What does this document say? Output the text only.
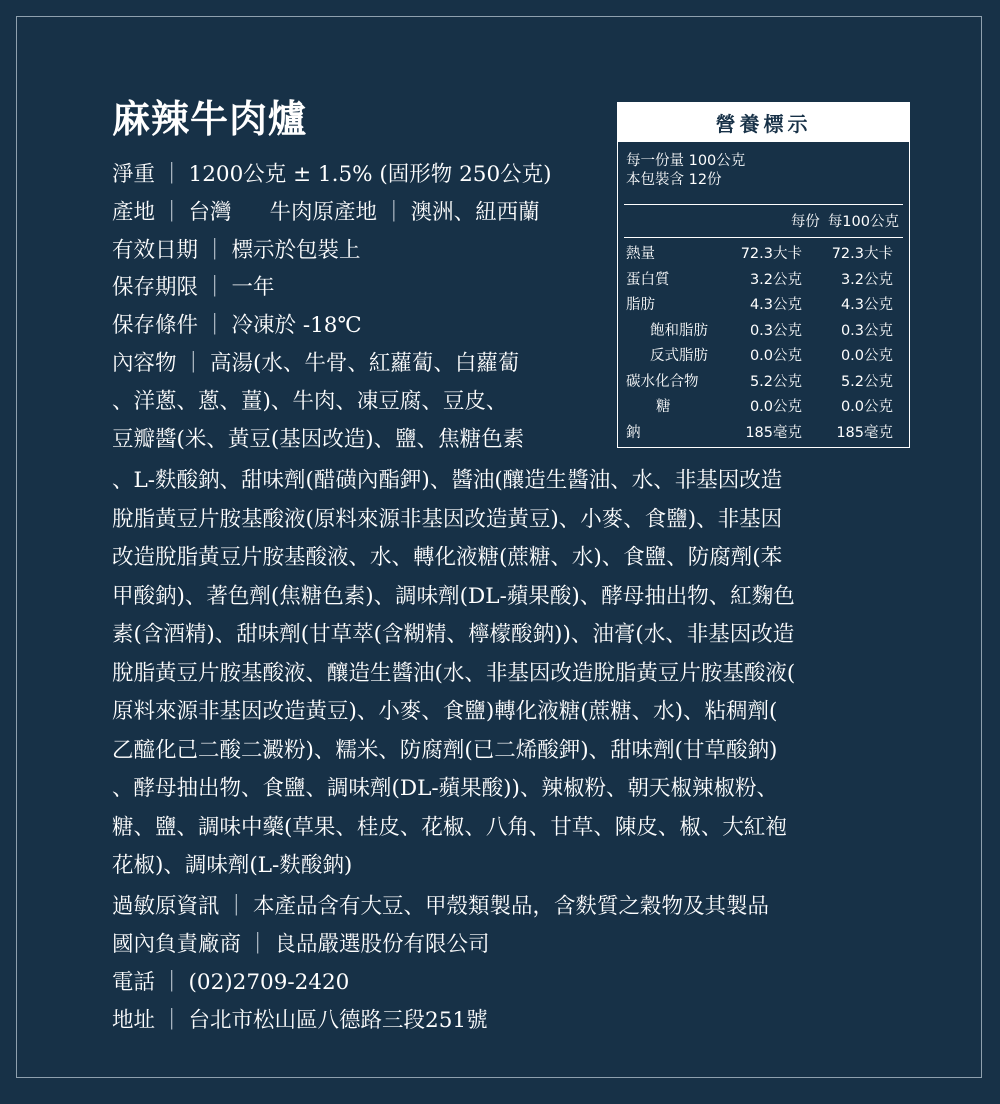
麻辣牛肉爐
淨重 ｜ 1200公克 ± 1.5% (固形物 250公克)
產地 ｜ 台灣 牛肉原產地 ｜ 澳洲、紐西蘭
有效日期 ｜ 標示於包裝上
保存期限 ｜ 一年
保存條件 ｜ 冷凍於 -18℃
內容物 ｜ 高湯(水、牛骨、紅蘿蔔、白蘿蔔
、洋蔥、蔥、薑)、牛肉、凍豆腐、豆皮、
豆瓣醬(米、黃豆(基因改造)、鹽、焦糖色素
、L-麩酸鈉、甜味劑(醋磺內酯鉀)、醬油(釀造生醬油、水、非基因改造
脫脂黃豆片胺基酸液(原料來源非基因改造黃豆)、小麥、食鹽)、非基因
改造脫脂黃豆片胺基酸液、水、轉化液糖(蔗糖、水)、食鹽、防腐劑(苯
甲酸鈉)、著色劑(焦糖色素)、調味劑(DL-蘋果酸)、酵母抽出物、紅麴色
素(含酒精)、甜味劑(甘草萃(含糊精、檸檬酸鈉))、油膏(水、非基因改造
脫脂黃豆片胺基酸液、釀造生醬油(水、非基因改造脫脂黃豆片胺基酸液(
原料來源非基因改造黃豆)、小麥、食鹽)轉化液糖(蔗糖、水)、粘稠劑(
乙醯化己二酸二澱粉)、糯米、防腐劑(已二烯酸鉀)、甜味劑(甘草酸鈉)
、酵母抽出物、食鹽、調味劑(DL-蘋果酸))、辣椒粉、朝天椒辣椒粉、
糖、鹽、調味中藥(草果、桂皮、花椒、八角、甘草、陳皮、椒、大紅袍
花椒)、調味劑(L-麩酸鈉)
過敏原資訊 ｜ 本產品含有大豆、甲殼類製品，含麩質之穀物及其製品
國內負責廠商 ｜ 良品嚴選股份有限公司
電話 ｜ (02)2709-2420
地址 ｜ 台北市松山區八德路三段251號
營養標示
每一份量 100公克
本包裝含 12份
每份 每100公克
熱量	72.3大卡 72.3大卡
蛋白質	3.2公克	3.2公克
脂肪	4.3公克	4.3公克
飽和脂肪	0.3公克	0.3公克
反式脂肪	0.0公克	0.0公克
碳水化合物	5.2公克	5.2公克
糖	0.0公克	0.0公克
鈉	185毫克 185毫克
